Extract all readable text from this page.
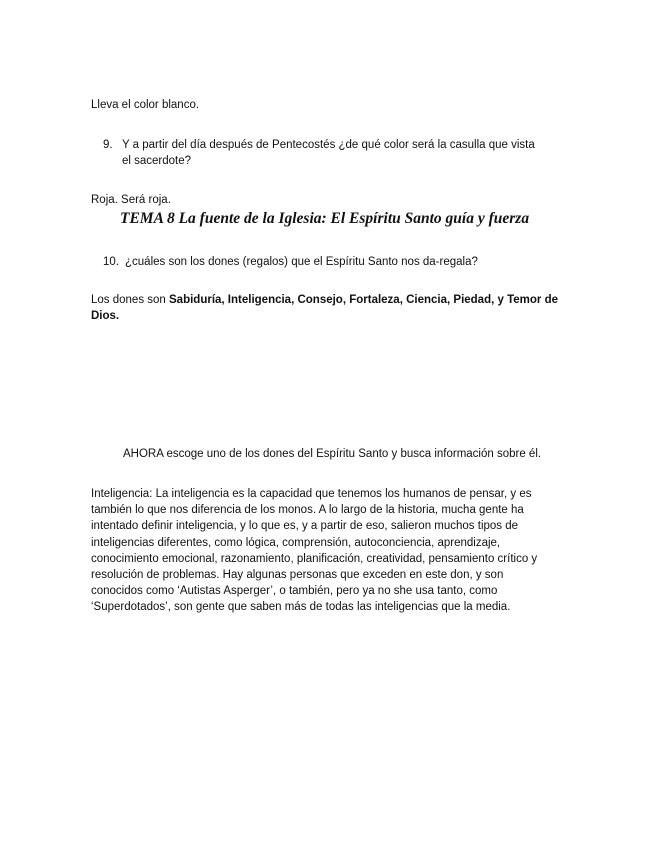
Lleva el color blanco.
9. Y a partir del día después de Pentecostés ¿de qué color será la casulla que vista
el sacerdote?
Roja. Será roja.
TEMA 8 La fuente de la Iglesia: El Espíritu Santo guía y fuerza
10. ¿cuáles son los dones (regalos) que el Espíritu Santo nos da-regala?
Los dones son Sabiduría, Inteligencia, Consejo, Fortaleza, Ciencia, Piedad, y Temor de Dios.
AHORA escoge uno de los dones del Espíritu Santo y busca información sobre él.
Inteligencia: La inteligencia es la capacidad que tenemos los humanos de pensar, y es
también lo que nos diferencia de los monos. A lo largo de la historia, mucha gente ha
intentado definir inteligencia, y lo que es, y a partir de eso, salieron muchos tipos de
inteligencias diferentes, como lógica, comprensión, autoconciencia, aprendizaje,
conocimiento emocional, razonamiento, planificación, creatividad, pensamiento crítico y
resolución de problemas. Hay algunas personas que exceden en este don, y son
conocidos como ‘Autistas Asperger’, o también, pero ya no she usa tanto, como
‘Superdotados’, son gente que saben más de todas las inteligencias que la media.
